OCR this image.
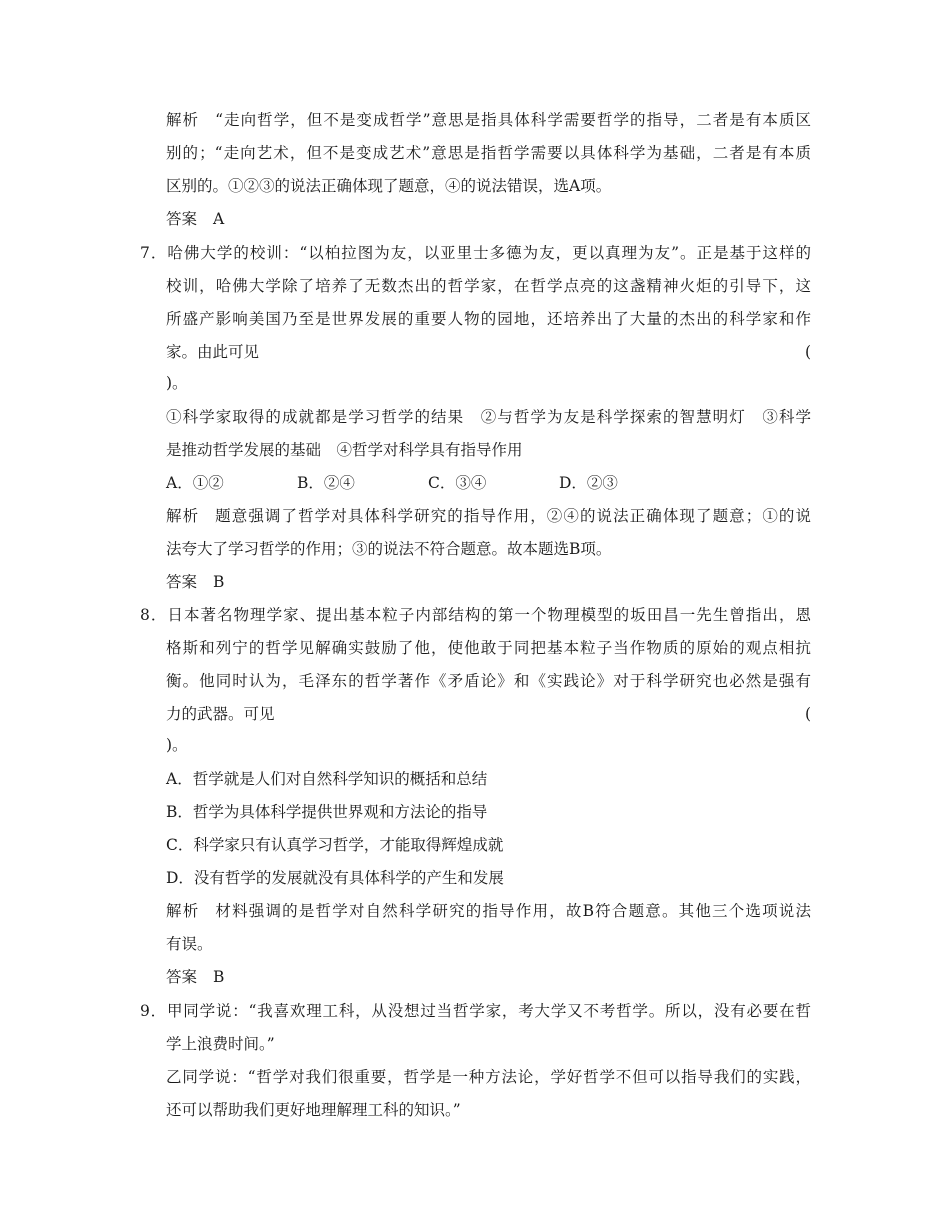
解析 “走向哲学，但不是变成哲学”意思是指具体科学需要哲学的指导，二者是有本质区
别的；“走向艺术，但不是变成艺术”意思是指哲学需要以具体科学为基础，二者是有本质
区别的。①②③的说法正确体现了题意，④的说法错误，选A项。
答案 A
7．哈佛大学的校训：“以柏拉图为友，以亚里士多德为友，更以真理为友”。正是基于这样的
校训，哈佛大学除了培养了无数杰出的哲学家，在哲学点亮的这盏精神火炬的引导下，这
所盛产影响美国乃至是世界发展的重要人物的园地，还培养出了大量的杰出的科学家和作
家。由此可见	(
)。
①科学家取得的成就都是学习哲学的结果　②与哲学为友是科学探索的智慧明灯　③科学
是推动哲学发展的基础　④哲学对科学具有指导作用
A．①②	B．②④	C．③④	D．②③
解析 题意强调了哲学对具体科学研究的指导作用，②④的说法正确体现了题意；①的说
法夸大了学习哲学的作用；③的说法不符合题意。故本题选B项。
答案 B
8．日本著名物理学家、提出基本粒子内部结构的第一个物理模型的坂田昌一先生曾指出，恩
格斯和列宁的哲学见解确实鼓励了他，使他敢于同把基本粒子当作物质的原始的观点相抗
衡。他同时认为，毛泽东的哲学著作《矛盾论》和《实践论》对于科学研究也必然是强有
力的武器。可见	(
)。
A．哲学就是人们对自然科学知识的概括和总结
B．哲学为具体科学提供世界观和方法论的指导
C．科学家只有认真学习哲学，才能取得辉煌成就
D．没有哲学的发展就没有具体科学的产生和发展
解析 材料强调的是哲学对自然科学研究的指导作用，故B符合题意。其他三个选项说法
有误。
答案 B
9．甲同学说：“我喜欢理工科，从没想过当哲学家，考大学又不考哲学。所以，没有必要在哲
学上浪费时间。”
乙同学说：“哲学对我们很重要，哲学是一种方法论，学好哲学不但可以指导我们的实践，
还可以帮助我们更好地理解理工科的知识。”
